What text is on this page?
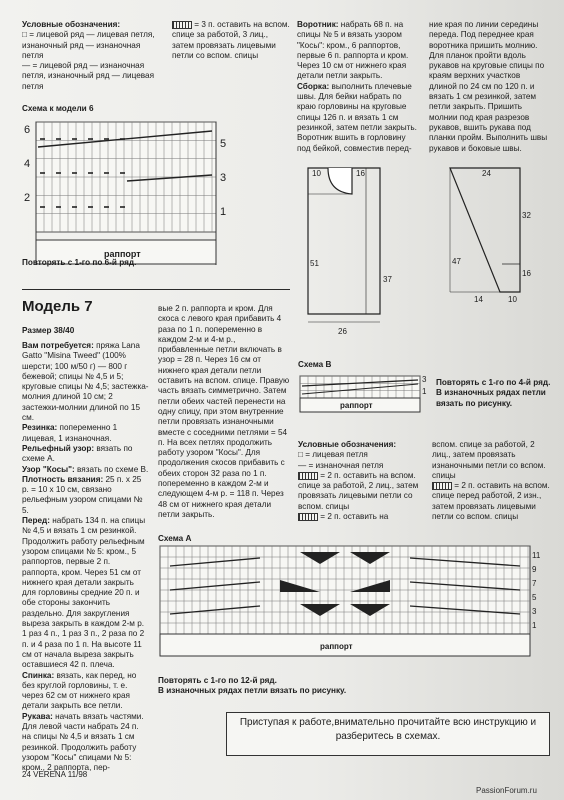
Условные обозначения:

□ = лицевой ряд — лицевая петля, изнаночный ряд — изнаночная петля

— = лицевой ряд — изнаночная петля, изнаночный ряд — лицевая петля

= 3 п. оставить на вспом. спице за работой, 3 лиц., затем провязать лицевыми петли со вспом. спицы

Схема к модели 6
6
4
2
5
3
1
раппорт
Повторять с 1-го по 6-й ряд.
Модель 7
Размер 38/40

Вам потребуется: пряжа Lana Gatto "Misina Tweed" (100% шерсти; 100 м/50 г) — 800 г бежевой; спицы № 4,5 и 5; круговые спицы № 4,5; застежка-молния длиной 10 см; 2 застежки-молнии длиной по 15 см.

Резинка: попеременно 1 лицевая, 1 изнаночная.

Рельефный узор: вязать по схеме А.

Узор "Косы": вязать по схеме В.

Плотность вязания: 25 п. х 25 р. = 10 х 10 см, связано рельефным узором спицами № 5.

Перед: набрать 134 п. на спицы № 4,5 и вязать 1 см резинкой. Продолжить работу рельефным узором спицами № 5: кром., 5 раппортов, первые 2 п. раппорта, кром. Через 51 см от нижнего края детали закрыть для горловины средние 20 п. и обе стороны закончить раздельно. Для закругления выреза закрыть в каждом 2-м р. 1 раз 4 п., 1 раз 3 п., 2 раза по 2 п. и 4 раза по 1 п. На высоте 11 см от начала выреза закрыть оставшиеся 42 п. плеча.

Спинка: вязать, как перед, но без круглой горловины, т. е. через 62 см от нижнего края детали закрыть все петли.

Рукава: начать вязать частями. Для левой части набрать 24 п. на спицы № 4,5 и вязать 1 см резинкой. Продолжить работу узором "Косы" спицами № 5: кром., 2 раппорта, пер-

вые 2 п. раппорта и кром. Для скоса с левого края прибавить 4 раза по 1 п. попеременно в каждом 2-м и 4-м р., прибавленные петли включать в узор = 28 п. Через 16 см от нижнего края детали петли оставить на вспом. спице. Правую часть вязать симметрично. Затем петли обеих частей перенести на одну спицу, при этом внутренние петли провязать изнаночными вместе с соседними петлями = 54 п. На всех петлях продолжить работу узором "Косы". Для продолжения скосов прибавить с обеих сторон 32 раза по 1 п. попеременно в каждом 2-м и следующем 4-м р. = 118 п. Через 48 см от нижнего края детали петли закрыть.

Воротник: набрать 68 п. на спицы № 5 и вязать узором "Косы": кром., 6 раппортов, первые 6 п. раппорта и кром. Через 10 см от нижнего края детали петли закрыть.

Сборка: выполнить плечевые швы. Для бейки набрать по краю горловины на круговые спицы 126 п. и вязать 1 см резинкой, затем петли закрыть. Воротник вшить в горловину под бейкой, совместив перед-

ние края по линии середины переда. Под переднее края воротника пришить молнию. Для планок пройти вдоль рукавов на круговые спицы по краям верхних участков длиной по 24 см по 120 п. и вязать 1 см резинкой, затем петли закрыть. Пришить молнии под края разрезов рукавов, вшить рукава под планки пройм. Выполнить швы рукавов и боковые швы.

10	16
51
37
26
24
32
47
16
14	10
Схема В
раппорт
3
1

Повторять с 1-го по 4-й ряд.

В изнаночных рядах петли вязать по рисунку.

Условные обозначения:

□ = лицевая петля

— = изнаночная петля

= 2 п. оставить на вспом. спице за работой, 2 лиц., затем провязать лицевыми петли со вспом. спицы

= 2 п. оставить на

вспом. спице за работой, 2 лиц., затем провязать изнаночными петли со вспом. спицы

= 2 п. оставить на вспом. спице перед работой, 2 изн., затем провязать лицевыми петли со вспом. спицы

Схема А
раппорт
11
9
7
5
3
1

Повторять с 1-го по 12-й ряд.

В изнаночных рядах петли вязать по рисунку.

Приступая к работе,внимательно прочитайте всю инструкцию и разберитесь в схемах.
24 VERENA 11/98
PassionForum.ru
